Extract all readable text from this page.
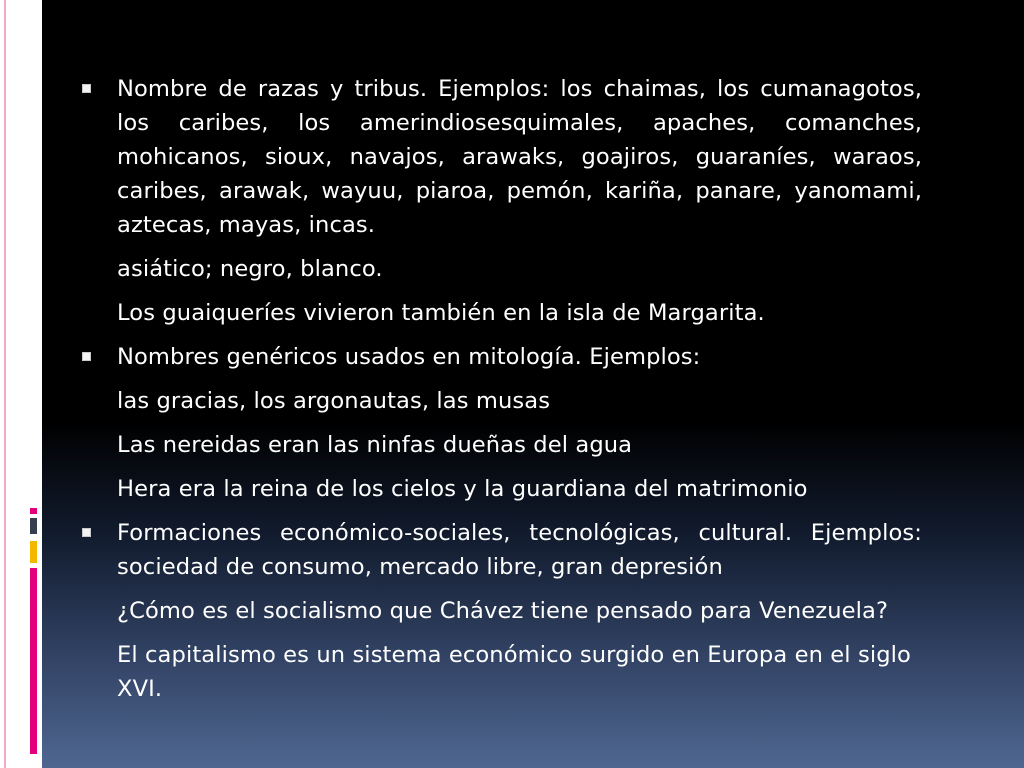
Nombre de razas y tribus. Ejemplos: los chaimas, los cumanagotos, los caribes, los amerindiosesquimales, apaches, comanches, mohicanos, sioux, navajos, arawaks, goajiros, guaraníes, waraos, caribes, arawak, wayuu, piaroa, pemón, kariña, panare, yanomami, aztecas, mayas, incas.
asiático; negro, blanco.
Los guaiqueríes vivieron también en la isla de Margarita.
Nombres genéricos usados en mitología. Ejemplos:
las gracias, los argonautas, las musas
Las nereidas eran las ninfas dueñas del agua
Hera era la reina de los cielos y la guardiana del matrimonio
Formaciones económico-sociales, tecnológicas, cultural. Ejemplos: sociedad de consumo, mercado libre, gran depresión
¿Cómo es el socialismo que Chávez tiene pensado para Venezuela?
El capitalismo es un sistema económico surgido en Europa en el siglo XVI.
